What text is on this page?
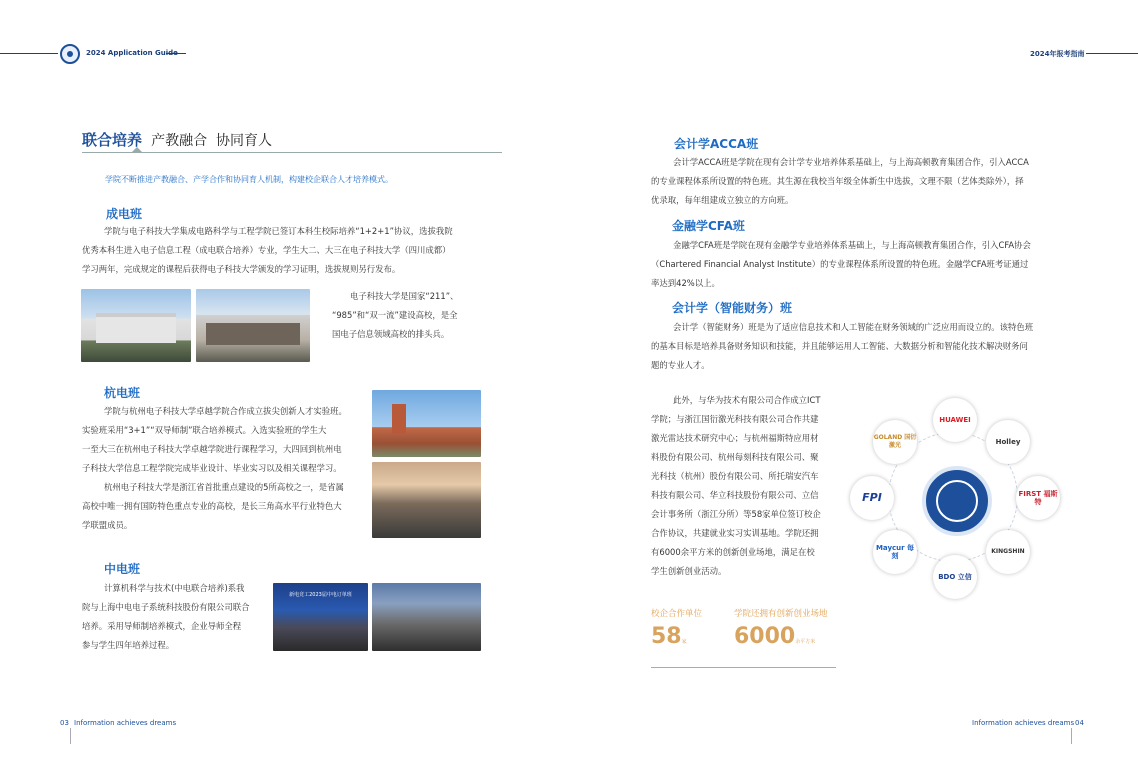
2024 Application Guide	2024年报考指南
联合培养 产教融合  协同育人
学院不断推进产教融合、产学合作和协同育人机制，构建校企联合人才培养模式。
成电班
学院与电子科技大学集成电路科学与工程学院已签订本科生校际培养“1+2+1”协议，选拔我院
优秀本科生进入电子信息工程（成电联合培养）专业，学生大二、大三在电子科技大学（四川成都）
学习两年，完成规定的课程后获得电子科技大学颁发的学习证明，选拔规则另行发布。
电子科技大学是国家“211”、
“985”和“双一流”建设高校，是全
国电子信息领域高校的排头兵。
杭电班
学院与杭州电子科技大学卓越学院合作成立拔尖创新人才实验班。
实验班采用“3+1”“双导师制”联合培养模式。入选实验班的学生大
一至大三在杭州电子科技大学卓越学院进行课程学习，大四回到杭州电
子科技大学信息工程学院完成毕业设计、毕业实习以及相关课程学习。
杭州电子科技大学是浙江省首批重点建设的5所高校之一，是省属
高校中唯一拥有国防特色重点专业的高校，是长三角高水平行业特色大
学联盟成员。
中电班
计算机科学与技术(中电联合培养)系我
院与上海中电电子系统科技股份有限公司联合
培养。采用导师制培养模式，企业导师全程
参与学生四年培养过程。
新电竞工2023届中电订单班
会计学ACCA班
会计学ACCA班是学院在现有会计学专业培养体系基础上，与上海高顿教育集团合作，引入ACCA
的专业课程体系所设置的特色班。其生源在我校当年级全体新生中选拔，文理不限（艺体类除外），择
优录取，每年组建成立独立的方向班。
金融学CFA班
金融学CFA班是学院在现有金融学专业培养体系基础上，与上海高顿教育集团合作，引入CFA协会
（Chartered Financial Analyst Institute）的专业课程体系所设置的特色班。金融学CFA班考证通过
率达到42%以上。
会计学（智能财务）班
会计学（智能财务）班是为了适应信息技术和人工智能在财务领域的广泛应用而设立的。该特色班
的基本目标是培养具备财务知识和技能，并且能够运用人工智能、大数据分析和智能化技术解决财务问
题的专业人才。
此外，与华为技术有限公司合作成立ICT
学院；与浙江国衍激光科技有限公司合作共建
激光雷达技术研究中心；与杭州福斯特应用材
料股份有限公司、杭州每刻科技有限公司、聚
光科技（杭州）股份有限公司、所托瑞安汽车
科技有限公司、华立科技股份有限公司、立信
会计事务所（浙江分所）等58家单位签订校企
合作协议，共建就业实习实训基地。学院还拥
有6000余平方米的创新创业场地，满足在校
学生创新创业活动。
校企合作单位	学院还拥有创新创业场地
58家 6000余平方米
HUAWEI
Holley
FIRST 福斯特
KINGSHIN
BDO 立信
Maycur 每刻
FPI
GOLAND 国衍激光
03 Information achieves dreams	Information achieves dreams 04
